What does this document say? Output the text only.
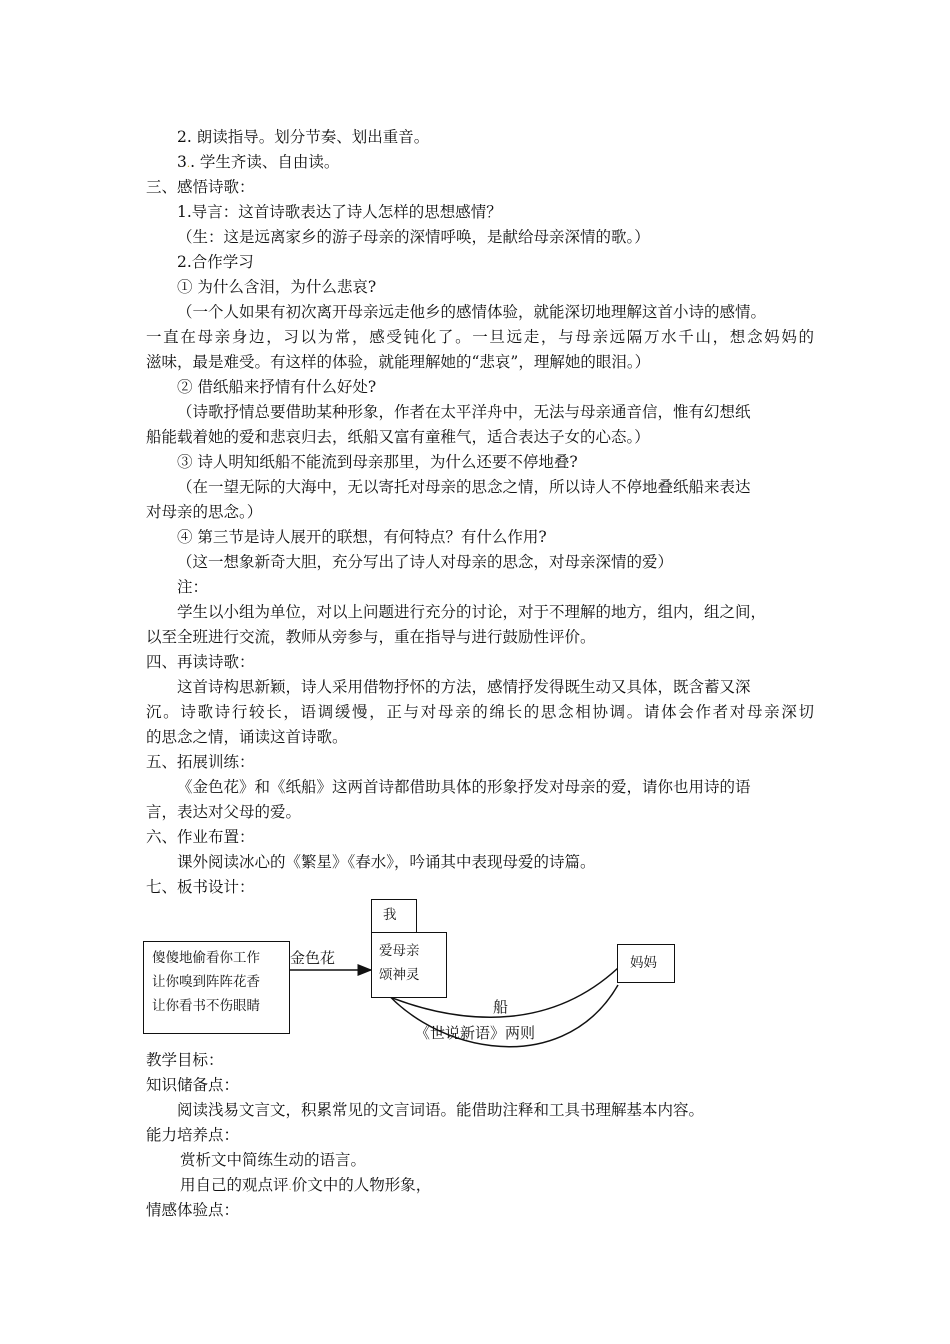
2. 朗读指导。划分节奏、划出重音。
3.. 学生齐读、自由读。
三、感悟诗歌：
1.导言：这首诗歌表达了诗人怎样的思想感情？
（生：这是远离家乡的游子母亲的深情呼唤，是献给母亲深情的歌。）
2.合作学习
① 为什么含泪，为什么悲哀?
（一个人如果有初次离开母亲远走他乡的感情体验，就能深切地理解这首小诗的感情。
一直在母亲身边，习以为常，感受钝化了。一旦远走，与母亲远隔万水千山，想念妈妈的
滋味，最是难受。有这样的体验，就能理解她的“悲哀”，理解她的眼泪。）
② 借纸船来抒情有什么好处?
（诗歌抒情总要借助某种形象，作者在太平洋舟中，无法与母亲通音信，惟有幻想纸
船能载着她的爱和悲哀归去，纸船又富有童稚气，适合表达子女的心态。）
③ 诗人明知纸船不能流到母亲那里，为什么还要不停地叠?
（在一望无际的大海中，无以寄托对母亲的思念之情，所以诗人不停地叠纸船来表达
对母亲的思念。）
④ 第三节是诗人展开的联想，有何特点？有什么作用?
（这一想象新奇大胆，充分写出了诗人对母亲的思念，对母亲深情的爱）
注：
学生以小组为单位，对以上问题进行充分的讨论，对于不理解的地方，组内，组之间，
以至全班进行交流，教师从旁参与，重在指导与进行鼓励性评价。
四、再读诗歌：
这首诗构思新颖，诗人采用借物抒怀的方法，感情抒发得既生动又具体，既含蓄又深
沉。诗歌诗行较长，语调缓慢，正与对母亲的绵长的思念相协调。请体会作者对母亲深切
的思念之情，诵读这首诗歌。
五、拓展训练：
《金色花》和《纸船》这两首诗都借助具体的形象抒发对母亲的爱，请你也用诗的语
言，表达对父母的爱。
六、作业布置：
课外阅读冰心的《繁星》《春水》，吟诵其中表现母爱的诗篇。
七、板书设计：
傻傻地偷看你工作
让你嗅到阵阵花香
让你看书不伤眼睛
金色花
我
爱母亲
颂神灵
妈妈
船
《世说新语》两则
教学目标：
知识储备点：
阅读浅易文言文，积累常见的文言词语。能借助注释和工具书理解基本内容。
能力培养点：
赏析文中简练生动的语言。
用自己的观点评.价文中的人物形象，
情感体验点：
